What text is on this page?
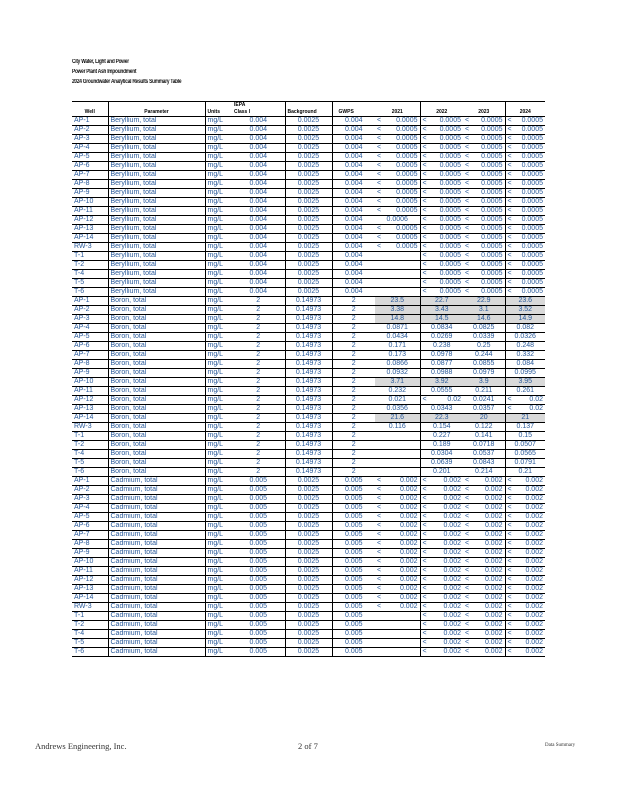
City Water, Light and Power
Power Plant Ash Impoundment
2024 Groundwater Analytical Results Summary Table
			IEPA						
Well	Parameter	Units	Class I	Background	GWPS	2021	2022	2023	2024
AP-1	Beryllium, total	mg/L	0.004	0.0025	0.004	< 0.0005	< 0.0005	< 0.0005	< 0.0005

AP-2	Beryllium, total	mg/L	0.004	0.0025	0.004	< 0.0005	< 0.0005	< 0.0005	< 0.0005

AP-3	Beryllium, total	mg/L	0.004	0.0025	0.004	< 0.0005	< 0.0005	< 0.0005	< 0.0005

AP-4	Beryllium, total	mg/L	0.004	0.0025	0.004	< 0.0005	< 0.0005	< 0.0005	< 0.0005

AP-5	Beryllium, total	mg/L	0.004	0.0025	0.004	< 0.0005	< 0.0005	< 0.0005	< 0.0005

AP-6	Beryllium, total	mg/L	0.004	0.0025	0.004	< 0.0005	< 0.0005	< 0.0005	< 0.0005

AP-7	Beryllium, total	mg/L	0.004	0.0025	0.004	< 0.0005	< 0.0005	< 0.0005	< 0.0005

AP-8	Beryllium, total	mg/L	0.004	0.0025	0.004	< 0.0005	< 0.0005	< 0.0005	< 0.0005

AP-9	Beryllium, total	mg/L	0.004	0.0025	0.004	< 0.0005	< 0.0005	< 0.0005	< 0.0005

AP-10	Beryllium, total	mg/L	0.004	0.0025	0.004	< 0.0005	< 0.0005	< 0.0005	< 0.0005

AP-11	Beryllium, total	mg/L	0.004	0.0025	0.004	< 0.0005	< 0.0005	< 0.0005	< 0.0005

AP-12	Beryllium, total	mg/L	0.004	0.0025	0.004	0.0006	< 0.0005	< 0.0005	< 0.0005

AP-13	Beryllium, total	mg/L	0.004	0.0025	0.004	< 0.0005	< 0.0005	< 0.0005	< 0.0005

AP-14	Beryllium, total	mg/L	0.004	0.0025	0.004	< 0.0005	< 0.0005	< 0.0005	< 0.0005

RW-3	Beryllium, total	mg/L	0.004	0.0025	0.004	< 0.0005	< 0.0005	< 0.0005	< 0.0005

T-1	Beryllium, total	mg/L	0.004	0.0025	0.004		< 0.0005	< 0.0005	< 0.0005

T-2	Beryllium, total	mg/L	0.004	0.0025	0.004		< 0.0005	< 0.0005	< 0.0005

T-4	Beryllium, total	mg/L	0.004	0.0025	0.004		< 0.0005	< 0.0005	< 0.0005

T-5	Beryllium, total	mg/L	0.004	0.0025	0.004		< 0.0005	< 0.0005	< 0.0005

T-6	Beryllium, total	mg/L	0.004	0.0025	0.004		< 0.0005	< 0.0005	< 0.0005

AP-1	Boron, total	mg/L	2	0.14973	2	23.5	22.7	22.9	23.6
AP-2	Boron, total	mg/L	2	0.14973	2	3.38	3.43	3.1	3.52
AP-3	Boron, total	mg/L	2	0.14973	2	14.8	14.5	14.6	14.9
AP-4	Boron, total	mg/L	2	0.14973	2	0.0871	0.0834	0.0825	0.082
AP-5	Boron, total	mg/L	2	0.14973	2	0.0434	0.0269	0.0339	0.0326
AP-6	Boron, total	mg/L	2	0.14973	2	0.171	0.238	0.25	0.248
AP-7	Boron, total	mg/L	2	0.14973	2	0.173	0.0978	0.244	0.332
AP-8	Boron, total	mg/L	2	0.14973	2	0.0866	0.0877	0.0855	0.084
AP-9	Boron, total	mg/L	2	0.14973	2	0.0932	0.0988	0.0979	0.0995
AP-10	Boron, total	mg/L	2	0.14973	2	3.71	3.92	3.9	3.95
AP-11	Boron, total	mg/L	2	0.14973	2	0.232	0.0555	0.211	0.261
AP-12	Boron, total	mg/L	2	0.14973	2	0.021	< 0.02	0.0241	< 0.02

AP-13	Boron, total	mg/L	2	0.14973	2	0.0356	0.0343	0.0357	< 0.02

AP-14	Boron, total	mg/L	2	0.14973	2	21.6	22.3	20	21
RW-3	Boron, total	mg/L	2	0.14973	2	0.116	0.154	0.122	0.137
T-1	Boron, total	mg/L	2	0.14973	2		0.227	0.141	0.15
T-2	Boron, total	mg/L	2	0.14973	2		0.189	0.0718	0.0507
T-4	Boron, total	mg/L	2	0.14973	2		0.0304	0.0537	0.0565
T-5	Boron, total	mg/L	2	0.14973	2		0.0639	0.0843	0.0791
T-6	Boron, total	mg/L	2	0.14973	2		0.201	0.214	0.21
AP-1	Cadmium, total	mg/L	0.005	0.0025	0.005	< 0.002	< 0.002	< 0.002	< 0.002

AP-2	Cadmium, total	mg/L	0.005	0.0025	0.005	< 0.002	< 0.002	< 0.002	< 0.002

AP-3	Cadmium, total	mg/L	0.005	0.0025	0.005	< 0.002	< 0.002	< 0.002	< 0.002

AP-4	Cadmium, total	mg/L	0.005	0.0025	0.005	< 0.002	< 0.002	< 0.002	< 0.002

AP-5	Cadmium, total	mg/L	0.005	0.0025	0.005	< 0.002	< 0.002	< 0.002	< 0.002

AP-6	Cadmium, total	mg/L	0.005	0.0025	0.005	< 0.002	< 0.002	< 0.002	< 0.002

AP-7	Cadmium, total	mg/L	0.005	0.0025	0.005	< 0.002	< 0.002	< 0.002	< 0.002

AP-8	Cadmium, total	mg/L	0.005	0.0025	0.005	< 0.002	< 0.002	< 0.002	< 0.002

AP-9	Cadmium, total	mg/L	0.005	0.0025	0.005	< 0.002	< 0.002	< 0.002	< 0.002

AP-10	Cadmium, total	mg/L	0.005	0.0025	0.005	< 0.002	< 0.002	< 0.002	< 0.002

AP-11	Cadmium, total	mg/L	0.005	0.0025	0.005	< 0.002	< 0.002	< 0.002	< 0.002

AP-12	Cadmium, total	mg/L	0.005	0.0025	0.005	< 0.002	< 0.002	< 0.002	< 0.002

AP-13	Cadmium, total	mg/L	0.005	0.0025	0.005	< 0.002	< 0.002	< 0.002	< 0.002

AP-14	Cadmium, total	mg/L	0.005	0.0025	0.005	< 0.002	< 0.002	< 0.002	< 0.002

RW-3	Cadmium, total	mg/L	0.005	0.0025	0.005	< 0.002	< 0.002	< 0.002	< 0.002

T-1	Cadmium, total	mg/L	0.005	0.0025	0.005		< 0.002	< 0.002	< 0.002

T-2	Cadmium, total	mg/L	0.005	0.0025	0.005		< 0.002	< 0.002	< 0.002

T-4	Cadmium, total	mg/L	0.005	0.0025	0.005		< 0.002	< 0.002	< 0.002

T-5	Cadmium, total	mg/L	0.005	0.0025	0.005		< 0.002	< 0.002	< 0.002

T-6	Cadmium, total	mg/L	0.005	0.0025	0.005		< 0.002	< 0.002	< 0.002
Andrews Engineering, Inc.	2 of 7	Data Summary
